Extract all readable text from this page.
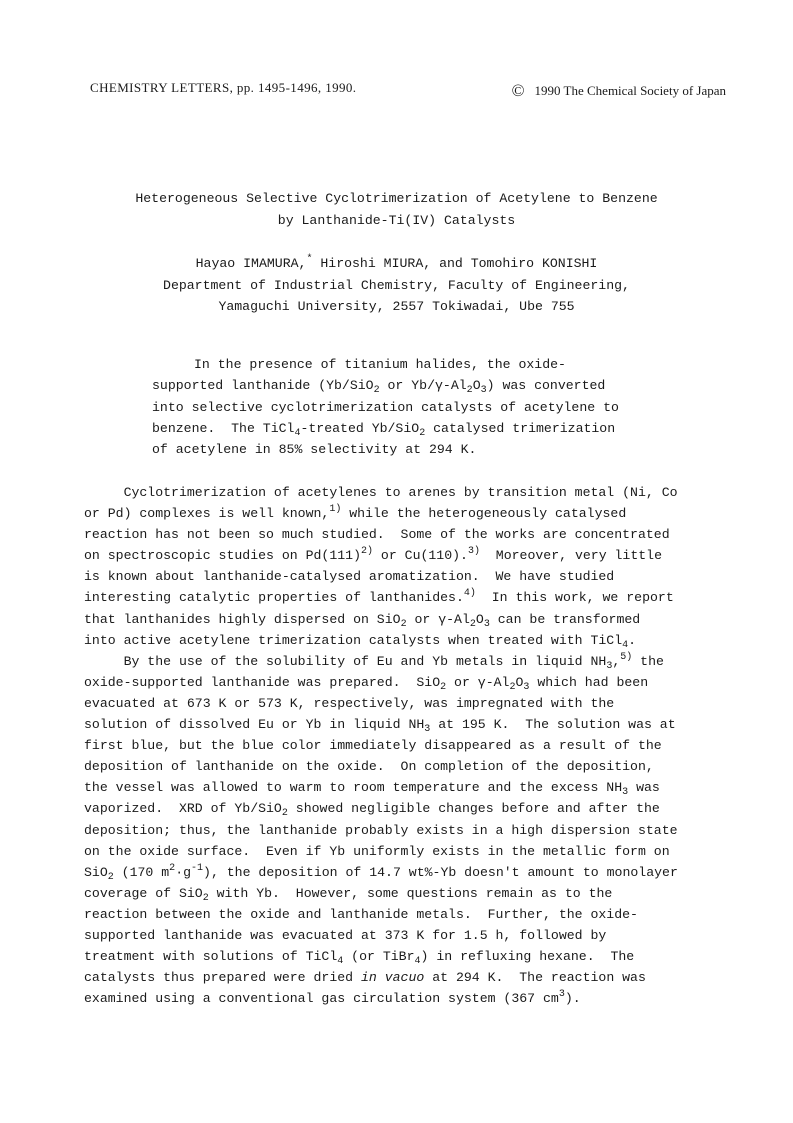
CHEMISTRY LETTERS, pp. 1495-1496, 1990.	© 1990 The Chemical Society of Japan
Heterogeneous Selective Cyclotrimerization of Acetylene to Benzene
by Lanthanide-Ti(IV) Catalysts
Hayao IMAMURA,* Hiroshi MIURA, and Tomohiro KONISHI
Department of Industrial Chemistry, Faculty of Engineering,
Yamaguchi University, 2557 Tokiwadai, Ube 755
In the presence of titanium halides, the oxide-
supported lanthanide (Yb/SiO$_2$ or $Yb/\gamma-Al_2O_3$) was converted
into selective cyclotrimerization catalysts of acetylene to
benzene.  The TiCl$_4$-treated Yb/SiO$_2$ catalysed trimerization
of acetylene in 85% selectivity at 294 K.
Cyclotrimerization of acetylenes to arenes by transition metal (Ni, Co
or Pd) complexes is well known,$^{1)}$ while the heterogeneously catalysed
reaction has not been so much studied.  Some of the works are concentrated
on spectroscopic studies on $Pd(111)^{2)}$ or Cu(110).$^{3)}$  Moreover, very little
is known about lanthanide-catalysed aromatization.  We have studied
interesting catalytic properties of lanthanides.$^{4)}$  In this work, we report
that lanthanides highly dispersed on SiO$_2$ or $\gamma-Al_2O_3$ can be transformed
into active acetylene trimerization catalysts when treated with TiCl$_4$.
By the use of the solubility of Eu and Yb metals in liquid $NH_3,^{5)}$ the
oxide-supported lanthanide was prepared.  SiO$_2$ or $\gamma-Al_2O_3$ which had been
evacuated at 673 K or 573 K, respectively, was impregnated with the
solution of dissolved Eu or Yb in liquid $NH_3$ at 195 K.  The solution was at
first blue, but the blue color immediately disappeared as a result of the
deposition of lanthanide on the oxide.  On completion of the deposition,
the vessel was allowed to warm to room temperature and the excess $NH_3$ was
vaporized.  XRD of Yb/SiO$_2$ showed negligible changes before and after the
deposition; thus, the lanthanide probably exists in a high dispersion state
on the oxide surface.  Even if Yb uniformly exists in the metallic form on
SiO$_2$ (170 $m^2\cdot g^{-1}$), the deposition of 14.7 wt%-Yb doesn't amount to monolayer
coverage of SiO$_2$ with Yb.  However, some questions remain as to the
reaction between the oxide and lanthanide metals.  Further, the oxide-
supported lanthanide was evacuated at 373 K for 1.5 h, followed by
treatment with solutions of TiCl$_4$ (or TiBr$_4$) in refluxing hexane.  The
catalysts thus prepared were dried in vacuo at 294 K.  The reaction was
examined using a conventional gas circulation system (367 $cm^3$).
